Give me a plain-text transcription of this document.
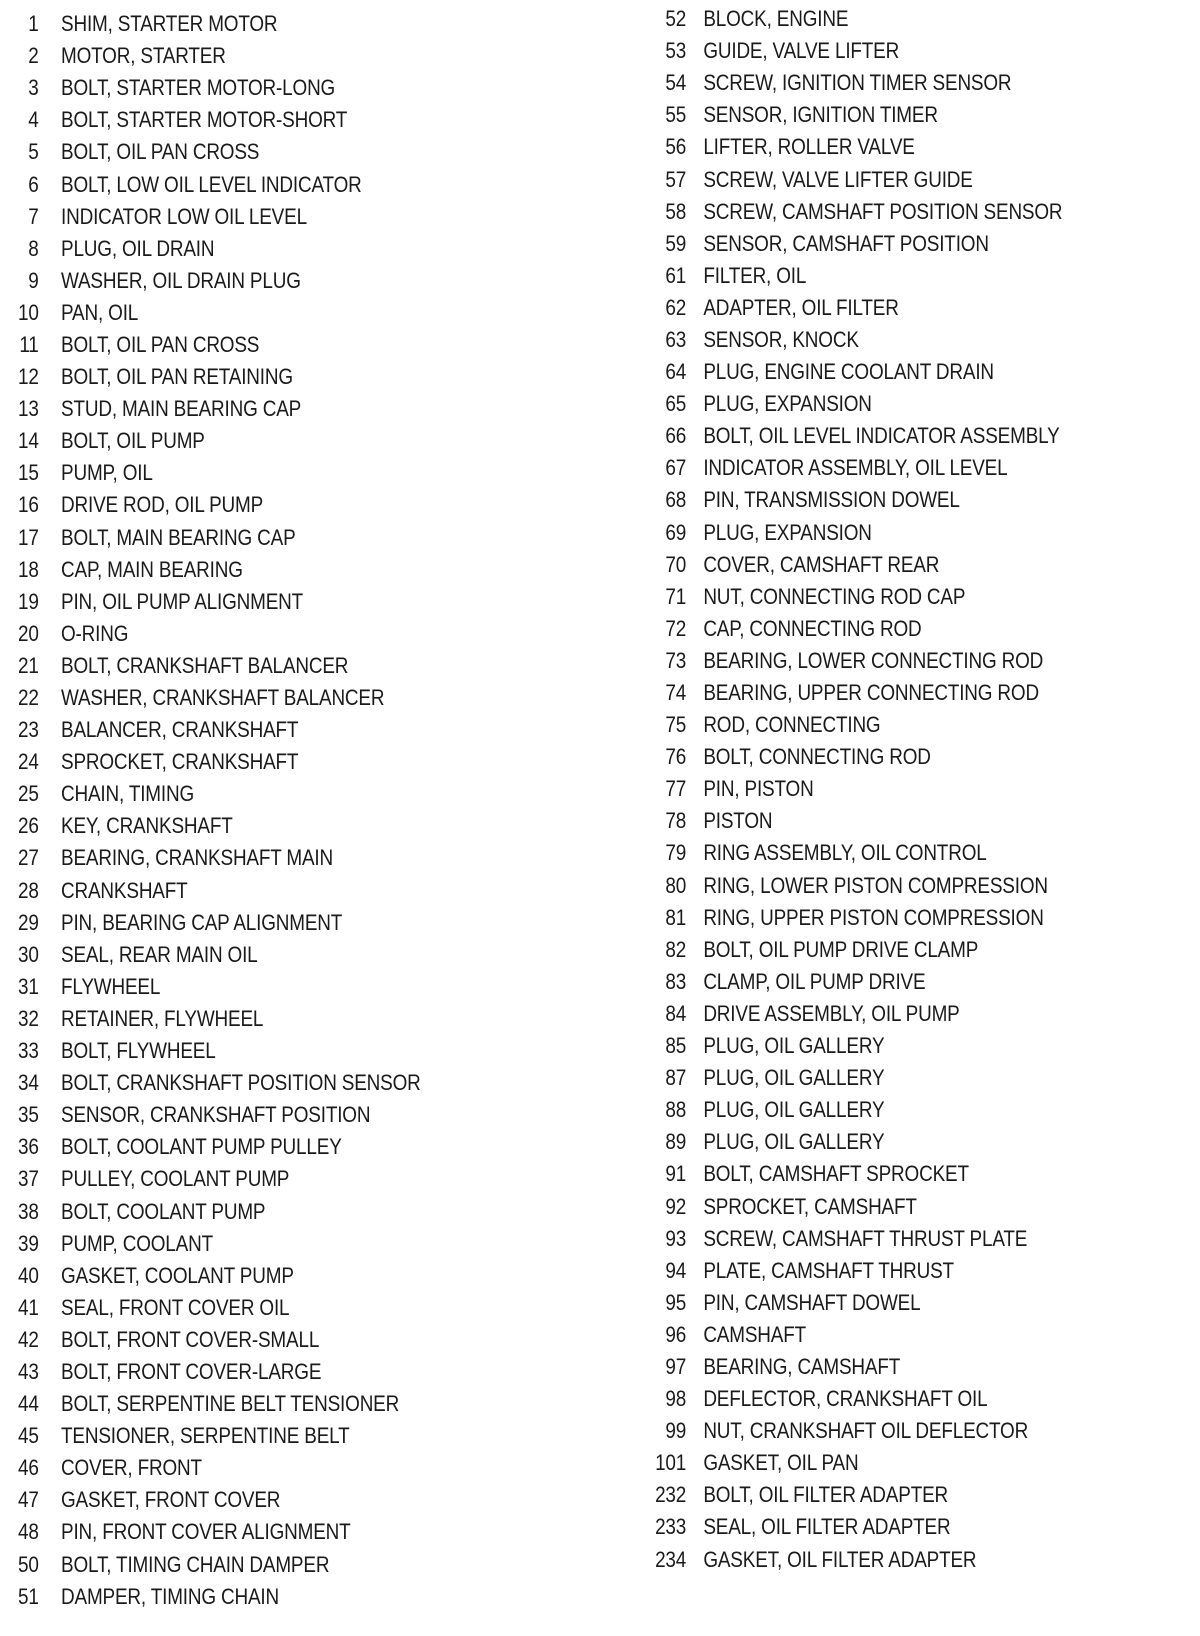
1 SHIM, STARTER MOTOR
2 MOTOR, STARTER
3 BOLT, STARTER MOTOR-LONG
4 BOLT, STARTER MOTOR-SHORT
5 BOLT, OIL PAN CROSS
6 BOLT, LOW OIL LEVEL INDICATOR
7 INDICATOR LOW OIL LEVEL
8 PLUG, OIL DRAIN
9 WASHER, OIL DRAIN PLUG
10 PAN, OIL
11 BOLT, OIL PAN CROSS
12 BOLT, OIL PAN RETAINING
13 STUD, MAIN BEARING CAP
14 BOLT, OIL PUMP
15 PUMP, OIL
16 DRIVE ROD, OIL PUMP
17 BOLT, MAIN BEARING CAP
18 CAP, MAIN BEARING
19 PIN, OIL PUMP ALIGNMENT
20 O-RING
21 BOLT, CRANKSHAFT BALANCER
22 WASHER, CRANKSHAFT BALANCER
23 BALANCER, CRANKSHAFT
24 SPROCKET, CRANKSHAFT
25 CHAIN, TIMING
26 KEY, CRANKSHAFT
27 BEARING, CRANKSHAFT MAIN
28 CRANKSHAFT
29 PIN, BEARING CAP ALIGNMENT
30 SEAL, REAR MAIN OIL
31 FLYWHEEL
32 RETAINER, FLYWHEEL
33 BOLT, FLYWHEEL
34 BOLT, CRANKSHAFT POSITION SENSOR
35 SENSOR, CRANKSHAFT POSITION
36 BOLT, COOLANT PUMP PULLEY
37 PULLEY, COOLANT PUMP
38 BOLT, COOLANT PUMP
39 PUMP, COOLANT
40 GASKET, COOLANT PUMP
41 SEAL, FRONT COVER OIL
42 BOLT, FRONT COVER-SMALL
43 BOLT, FRONT COVER-LARGE
44 BOLT, SERPENTINE BELT TENSIONER
45 TENSIONER, SERPENTINE BELT
46 COVER, FRONT
47 GASKET, FRONT COVER
48 PIN, FRONT COVER ALIGNMENT
50 BOLT, TIMING CHAIN DAMPER
51 DAMPER, TIMING CHAIN
52 BLOCK, ENGINE
53 GUIDE, VALVE LIFTER
54 SCREW, IGNITION TIMER SENSOR
55 SENSOR, IGNITION TIMER
56 LIFTER, ROLLER VALVE
57 SCREW, VALVE LIFTER GUIDE
58 SCREW, CAMSHAFT POSITION SENSOR
59 SENSOR, CAMSHAFT POSITION
61 FILTER, OIL
62 ADAPTER, OIL FILTER
63 SENSOR, KNOCK
64 PLUG, ENGINE COOLANT DRAIN
65 PLUG, EXPANSION
66 BOLT, OIL LEVEL INDICATOR ASSEMBLY
67 INDICATOR ASSEMBLY, OIL LEVEL
68 PIN, TRANSMISSION DOWEL
69 PLUG, EXPANSION
70 COVER, CAMSHAFT REAR
71 NUT, CONNECTING ROD CAP
72 CAP, CONNECTING ROD
73 BEARING, LOWER CONNECTING ROD
74 BEARING, UPPER CONNECTING ROD
75 ROD, CONNECTING
76 BOLT, CONNECTING ROD
77 PIN, PISTON
78 PISTON
79 RING ASSEMBLY, OIL CONTROL
80 RING, LOWER PISTON COMPRESSION
81 RING, UPPER PISTON COMPRESSION
82 BOLT, OIL PUMP DRIVE CLAMP
83 CLAMP, OIL PUMP DRIVE
84 DRIVE ASSEMBLY, OIL PUMP
85 PLUG, OIL GALLERY
87 PLUG, OIL GALLERY
88 PLUG, OIL GALLERY
89 PLUG, OIL GALLERY
91 BOLT, CAMSHAFT SPROCKET
92 SPROCKET, CAMSHAFT
93 SCREW, CAMSHAFT THRUST PLATE
94 PLATE, CAMSHAFT THRUST
95 PIN, CAMSHAFT DOWEL
96 CAMSHAFT
97 BEARING, CAMSHAFT
98 DEFLECTOR, CRANKSHAFT OIL
99 NUT, CRANKSHAFT OIL DEFLECTOR
101 GASKET, OIL PAN
232 BOLT, OIL FILTER ADAPTER
233 SEAL, OIL FILTER ADAPTER
234 GASKET, OIL FILTER ADAPTER
